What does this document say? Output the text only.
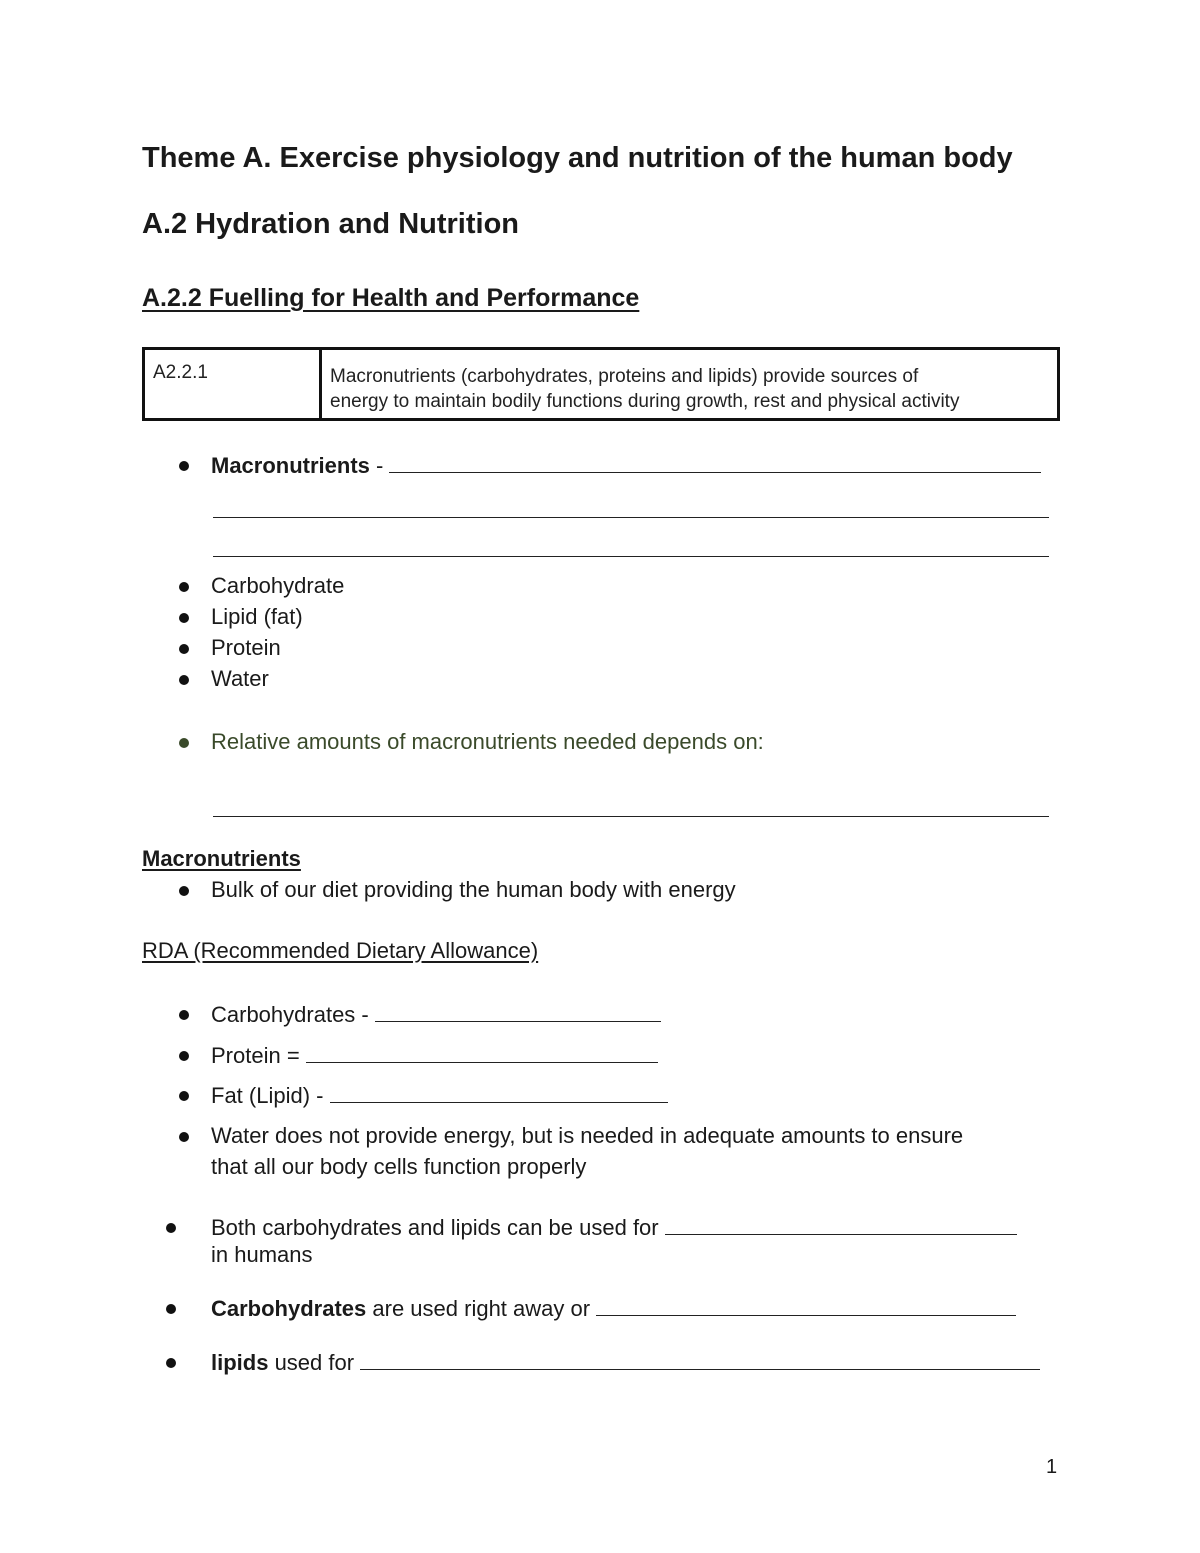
Theme A. Exercise physiology and nutrition of the human body
A.2 Hydration and Nutrition
A.2.2 Fuelling for Health and Performance
A2.2.1	Macronutrients (carbohydrates, proteins and lipids) provide sources of
energy to maintain bodily functions during growth, rest and physical activity
Macronutrients -
Carbohydrate
Lipid (fat)
Protein
Water
Relative amounts of macronutrients needed depends on:
Macronutrients
Bulk of our diet providing the human body with energy
RDA (Recommended Dietary Allowance)
Carbohydrates -
Protein =
Fat (Lipid) -
Water does not provide energy, but is needed in adequate amounts to ensure
that all our body cells function properly
Both carbohydrates and lipids can be used for
in humans
Carbohydrates are used right away or
lipids used for
1
